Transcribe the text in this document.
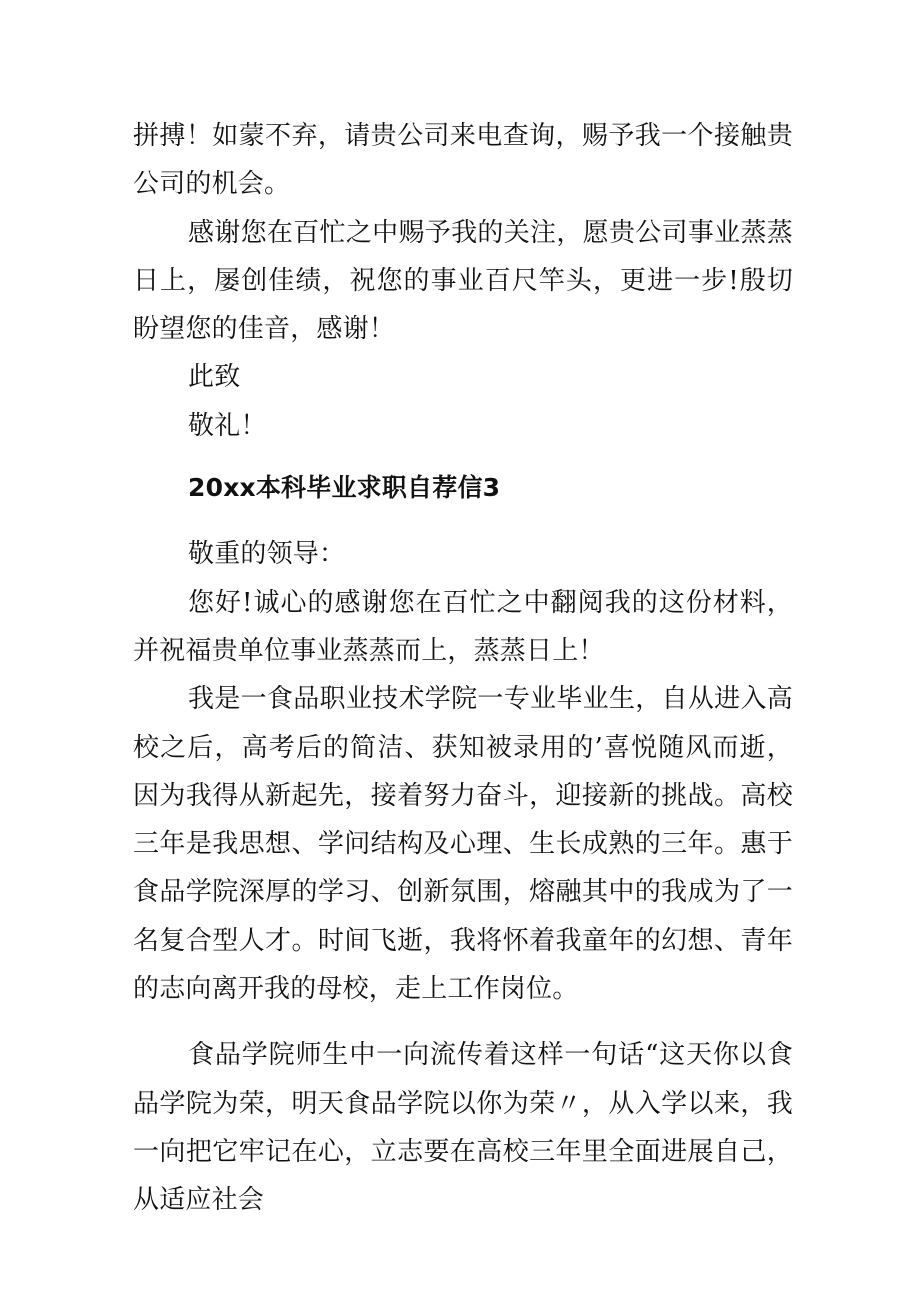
拼搏！如蒙不弃，请贵公司来电查询，赐予我一个接触贵公司的机会。

感谢您在百忙之中赐予我的关注，愿贵公司事业蒸蒸日上，屡创佳绩，祝您的事业百尺竿头，更进一步!殷切盼望您的佳音，感谢！

此致

敬礼！

20xx本科毕业求职自荐信3

敬重的领导：

您好!诚心的感谢您在百忙之中翻阅我的这份材料，并祝福贵单位事业蒸蒸而上，蒸蒸日上！

我是一食品职业技术学院一专业毕业生，自从进入高校之后，高考后的简洁、获知被录用的’喜悦随风而逝，因为我得从新起先，接着努力奋斗，迎接新的挑战。高校三年是我思想、学问结构及心理、生长成熟的三年。惠于食品学院深厚的学习、创新氛围，熔融其中的我成为了一名复合型人才。时间飞逝，我将怀着我童年的幻想、青年的志向离开我的母校，走上工作岗位。

食品学院师生中一向流传着这样一句话“这天你以食品学院为荣，明天食品学院以你为荣〃，从入学以来，我一向把它牢记在心，立志要在高校三年里全面进展自己，从适应社会
